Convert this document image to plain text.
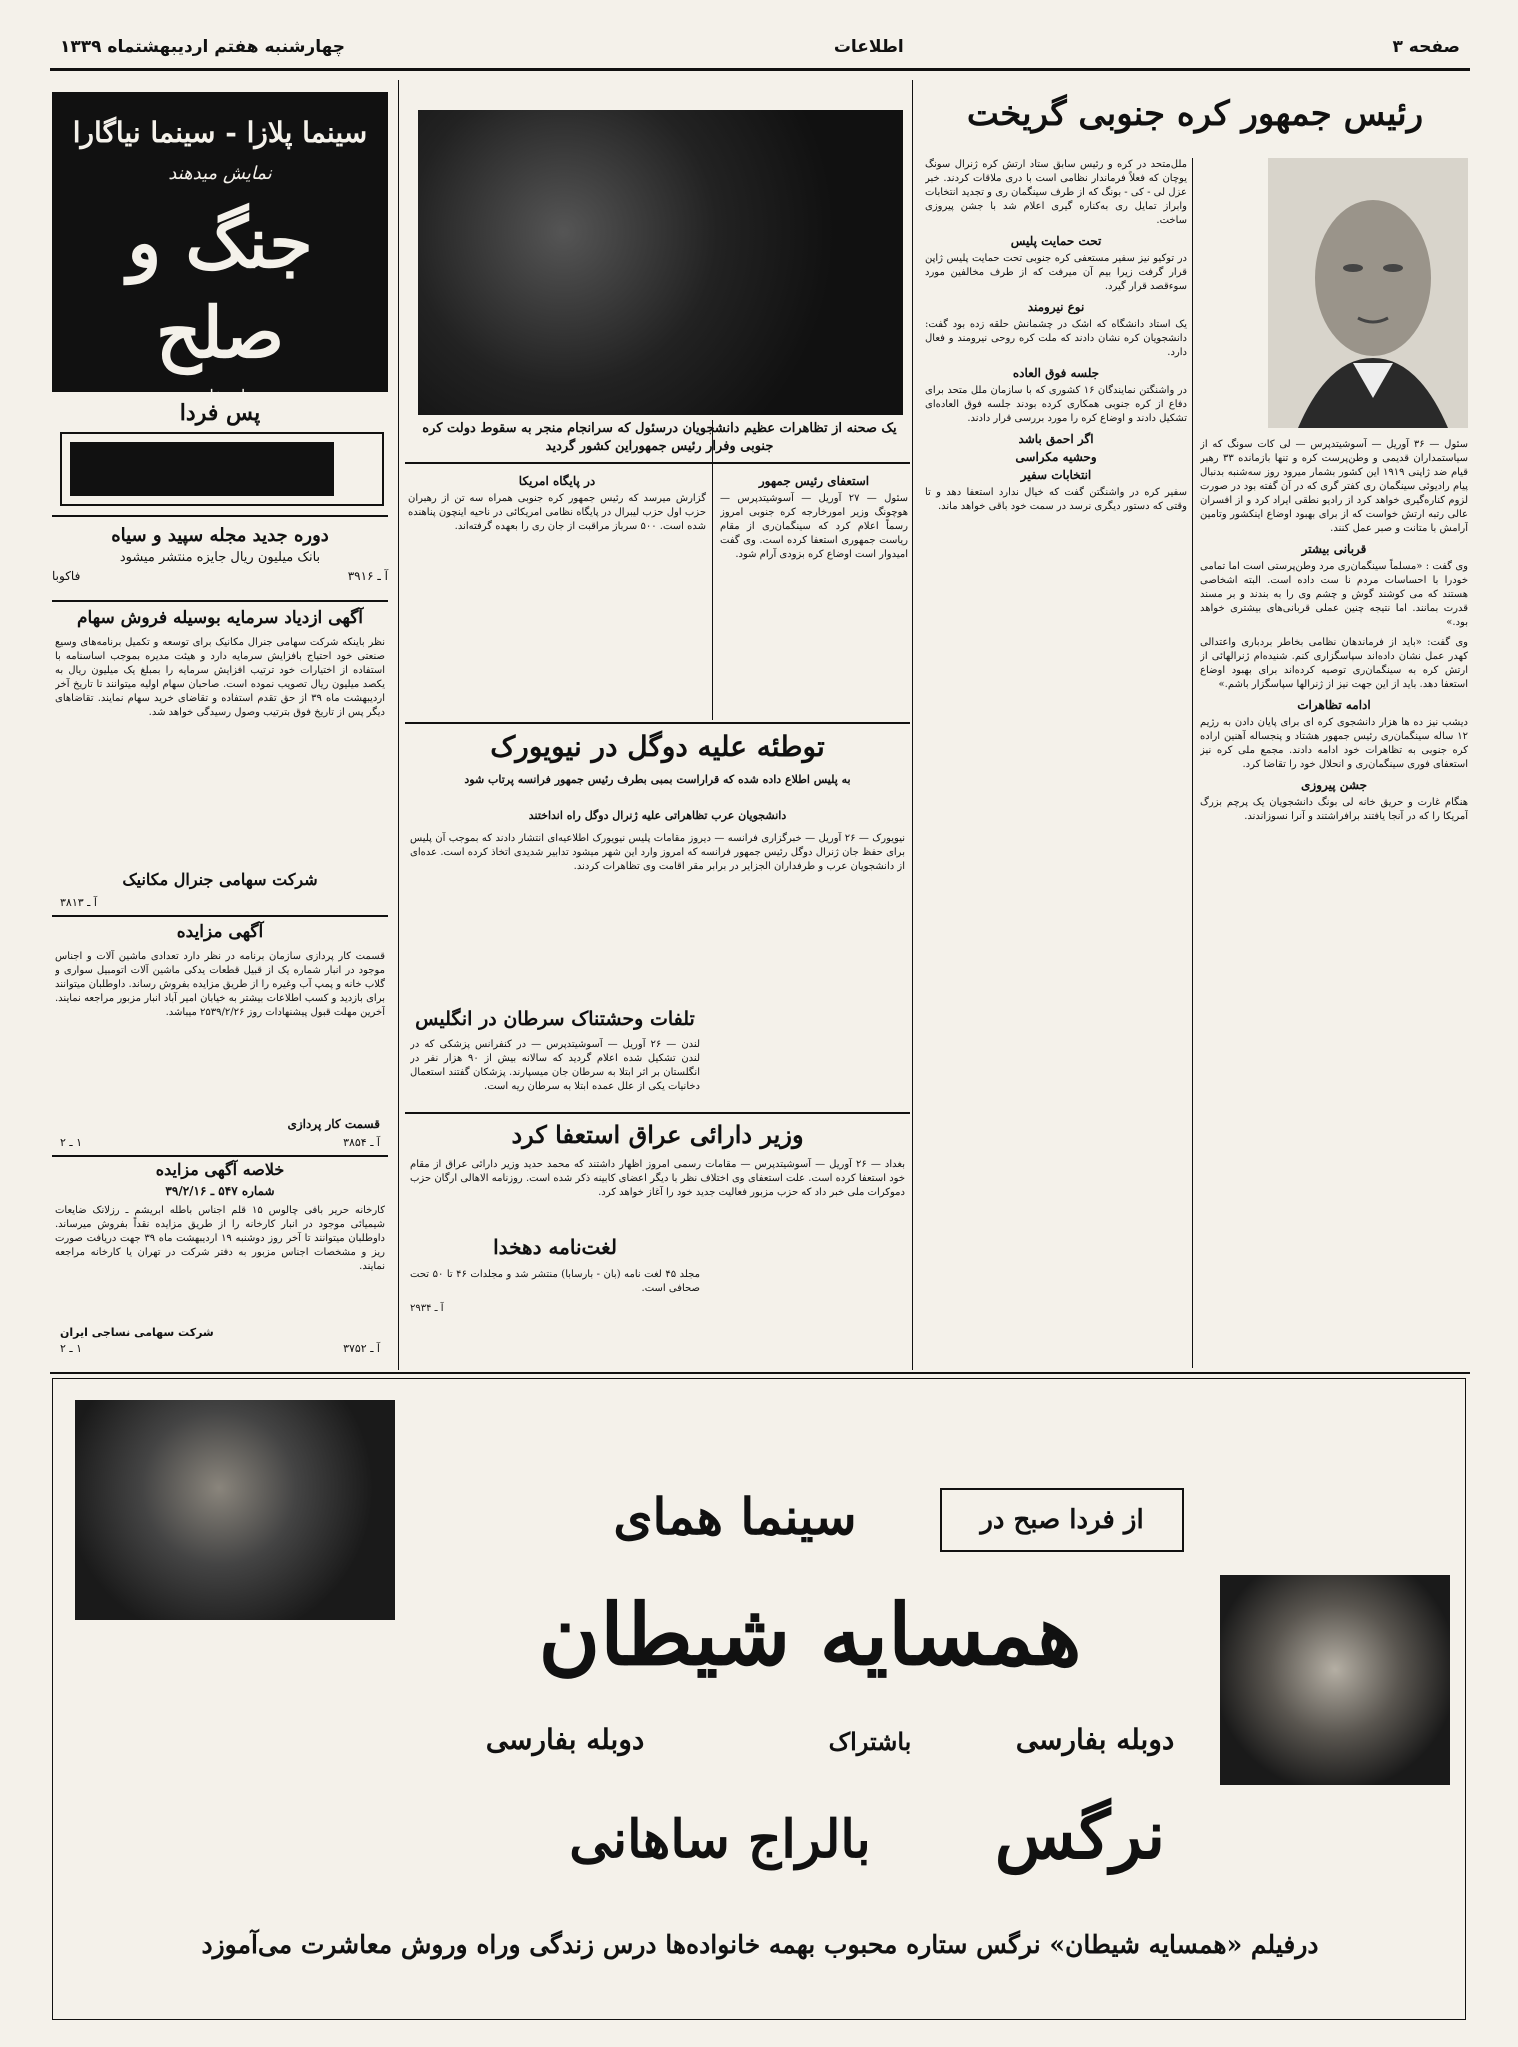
صفحه ۳
اطلاعات
چهارشنبه هفتم اردیبهشتماه ۱۳۳۹
رئیس جمهور کره جنوبی گریخت

سئول — ۳۶ آوریل — آسوشیتدپرس — لی کات سونگ که از سیاستمداران قدیمی و وطن‌پرست کره و تنها بازمانده ۳۳ رهبر قیام ضد ژاپنی ۱۹۱۹ این کشور بشمار میرود روز سه‌شنبه بدنبال پیام رادیوئی سینگمان ری کفتر گری که در آن گفته بود در صورت لزوم کناره‌گیری خواهد کرد از رادیو نطقی ایراد کرد و از افسران عالی رتبه ارتش خواست که از برای بهبود اوضاع اینکشور وتامین آرامش با متانت و صبر عمل کنند.

قربانی بیشتر

وی گفت : «مسلماً سینگمان‌ری مرد وطن‌پرستی است اما تمامی خودرا با احساسات مردم نا ست داده است. البته اشخاصی هستند که می کوشند گوش و چشم وی را به بندند و بر مسند قدرت بمانند. اما نتیجه چنین عملی قربانی‌های بیشتری خواهد بود.»

وی گفت: «باید از فرماندهان نظامی بخاطر بردباری واعتدالی کهدر عمل نشان داده‌اند سپاسگزاری کنم. شنیده‌ام ژنرالهائی از ارتش کره به سینگمان‌ری توصیه کرده‌اند برای بهبود اوضاع استعفا دهد. باید از این جهت نیز از ژنرالها سپاسگزار باشم.»

ادامه تظاهرات

دیشب نیز ده ها هزار دانشجوی کره ای برای پایان دادن به رژیم ۱۲ ساله سینگمان‌ری رئیس جمهور هشتاد و پنجساله آهنین اراده کره جنوبی به تظاهرات خود ادامه دادند. مجمع ملی کره نیز استعفای فوری سینگمان‌ری و انحلال خود را تقاضا کرد.

جشن پیروزی

هنگام غارت و حریق خانه لی بونگ دانشجویان یک پرچم بزرگ آمریکا را که در آنجا یافتند برافراشتند و آنرا نسوزاندند.

ملل‌متحد در کره و رئیس سابق ستاد ارتش کره ژنرال سونگ یوچان که فعلاً فرماندار نظامی است با دری ملاقات کردند. خبر عزل لی - کی - بونگ که از طرف سینگمان ری و تجدید انتخابات وابراز تمایل ری به‌کناره گیری اعلام شد با جشن پیروزی ساخت.

تحت حمایت پلیس

در توکیو نیز سفیر مستعفی کره جنوبی تحت حمایت پلیس ژاپن قرار گرفت زیرا بیم آن میرفت که از طرف مخالفین مورد سوءقصد قرار گیرد.

نوع نیرومند

یک استاد دانشگاه که اشک در چشمانش حلقه زده بود گفت: دانشجویان کره نشان دادند که ملت کره روحی نیرومند و فعال دارد.

جلسه فوق العاده

در واشنگتن نمایندگان ۱۶ کشوری که با سازمان ملل متحد برای دفاع از کره جنوبی همکاری کرده بودند جلسه فوق العاده‌ای تشکیل دادند و اوضاع کره را مورد بررسی قرار دادند.

اگر احمق باشد
وحشیه مکراسی
انتخابات سفیر

سفیر کره در واشنگتن گفت که خیال ندارد استعفا دهد و تا وقتی که دستور دیگری نرسد در سمت خود باقی خواهد ماند.

یک صحنه از تظاهرات عظیم دانشجویان درسئول که سرانجام منجر به سقوط دولت کره جنوبی وفرار رئیس جمهوراین کشور گردید
استعفای رئیس جمهور

سئول — ۲۷ آوریل — آسوشیتدپرس — هوچونگ وزیر امورخارجه کره جنوبی امروز رسماً اعلام کرد که سینگمان‌ری از مقام ریاست جمهوری استعفا کرده است. وی گفت امیدوار است اوضاع کره بزودی آرام شود.

در پایگاه امریکا

گزارش میرسد که رئیس جمهور کره جنوبی همراه سه تن از رهبران حزب اول حزب لیبرال در پایگاه نظامی امریکائی در ناحیه اینچون پناهنده شده است. ۵۰۰ سرباز مراقبت از جان ری را بعهده گرفته‌اند.

توطئه علیه دوگل در نیویورک
به پلیس اطلاع داده شده که قراراست بمبی بطرف رئیس جمهور فرانسه پرتاب شود
دانشجویان عرب تظاهراتی علیه ژنرال دوگل راه انداختند

نیویورک — ۲۶ آوریل — خبرگزاری فرانسه — دیروز مقامات پلیس نیویورک اطلاعیه‌ای انتشار دادند که بموجب آن پلیس برای حفظ جان ژنرال دوگل رئیس جمهور فرانسه که امروز وارد این شهر میشود تدابیر شدیدی اتخاذ کرده است. عده‌ای از دانشجویان عرب و طرفداران الجزایر در برابر مقر اقامت وی تظاهرات کردند.

تلفات وحشتناک سرطان در انگلیس

لندن — ۲۶ آوریل — آسوشیتدپرس — در کنفرانس پزشکی که در لندن تشکیل شده اعلام گردید که سالانه بیش از ۹۰ هزار نفر در انگلستان بر اثر ابتلا به سرطان جان میسپارند. پزشکان گفتند استعمال دخانیات یکی از علل عمده ابتلا به سرطان ریه است.

وزیر دارائی عراق استعفا کرد

بغداد — ۲۶ آوریل — آسوشیتدپرس — مقامات رسمی امروز اظهار داشتند که محمد حدید وزیر دارائی عراق از مقام خود استعفا کرده است. علت استعفای وی اختلاف نظر با دیگر اعضای کابینه ذکر شده است. روزنامه الاهالی ارگان حزب دموکرات ملی خبر داد که حزب مزبور فعالیت جدید خود را آغاز خواهد کرد.

لغت‌نامه دهخدا

مجلد ۴۵ لغت نامه (بان - بارسابا) منتشر شد و مجلدات ۴۶ تا ۵۰ تحت صحافی است.

آ ـ ۲۹۳۴

سینما پلازا - سینما نیاگارا
نمایش میدهند
جنگ و صلح
دوبله بفارسی
پس فردا
دوره جدید مجله سپید و سیاه
بانک میلیون ریال جایزه منتشر میشود
آ ـ ۳۹۱۶
فاکوبا
آگهی ازدیاد سرمایه بوسیله فروش سهام

نظر باینکه شرکت سهامی جنرال مکانیک برای توسعه و تکمیل برنامه‌های وسیع صنعتی خود احتیاج بافزایش سرمایه دارد و هیئت مدیره بموجب اساسنامه با استفاده از اختیارات خود ترتیب افزایش سرمایه را بمبلغ یک میلیون ریال به یکصد میلیون ریال تصویب نموده است. صاحبان سهام اولیه میتوانند تا تاریخ آخر اردیبهشت ماه ۳۹ از حق تقدم استفاده و تقاضای خرید سهام نمایند. تقاضاهای دیگر پس از تاریخ فوق بترتیب وصول رسیدگی خواهد شد.

شرکت سهامی جنرال مکانیک
آ ـ ۳۸۱۳
آگهی مزایده

قسمت کار پردازی سازمان برنامه در نظر دارد تعدادی ماشین آلات و اجناس موجود در انبار شماره یک از قبیل قطعات یدکی ماشین آلات اتومبیل سواری و گلاب خانه و پمپ آب وغیره را از طریق مزایده بفروش رساند. داوطلبان میتوانند برای بازدید و کسب اطلاعات بیشتر به خیابان امیر آباد انبار مزبور مراجعه نمایند. آخرین مهلت قبول پیشنهادات روز ۲۵۳۹/۲/۲۶ میباشد.

قسمت کار پردازی
آ ـ ۳۸۵۴
۱ ـ ۲
خلاصه آگهی مزایده
شماره ۵۴۷ ـ ۳۹/۲/۱۶

کارخانه حریر بافی چالوس ۱۵ قلم اجناس باطله ابریشم ـ رزلانک ضایعات شیمیائی موجود در انبار کارخانه را از طریق مزایده نقداً بفروش میرساند. داوطلبان میتوانند تا آخر روز دوشنبه ۱۹ اردیبهشت ماه ۳۹ جهت دریافت صورت ریز و مشخصات اجناس مزبور به دفتر شرکت در تهران یا کارخانه مراجعه نمایند.

شرکت سهامی نساجی ایران
آ ـ ۳۷۵۲
۱ ـ ۲
از فردا صبح در
سینما همای
همسایه شیطان
دوبله بفارسی
باشتراک
دوبله بفارسی
نرگس
بالراج ساهانی
درفیلم «همسایه شیطان» نرگس ستاره محبوب بهمه خانواده‌ها درس زندگی وراه وروش معاشرت می‌آموزد
